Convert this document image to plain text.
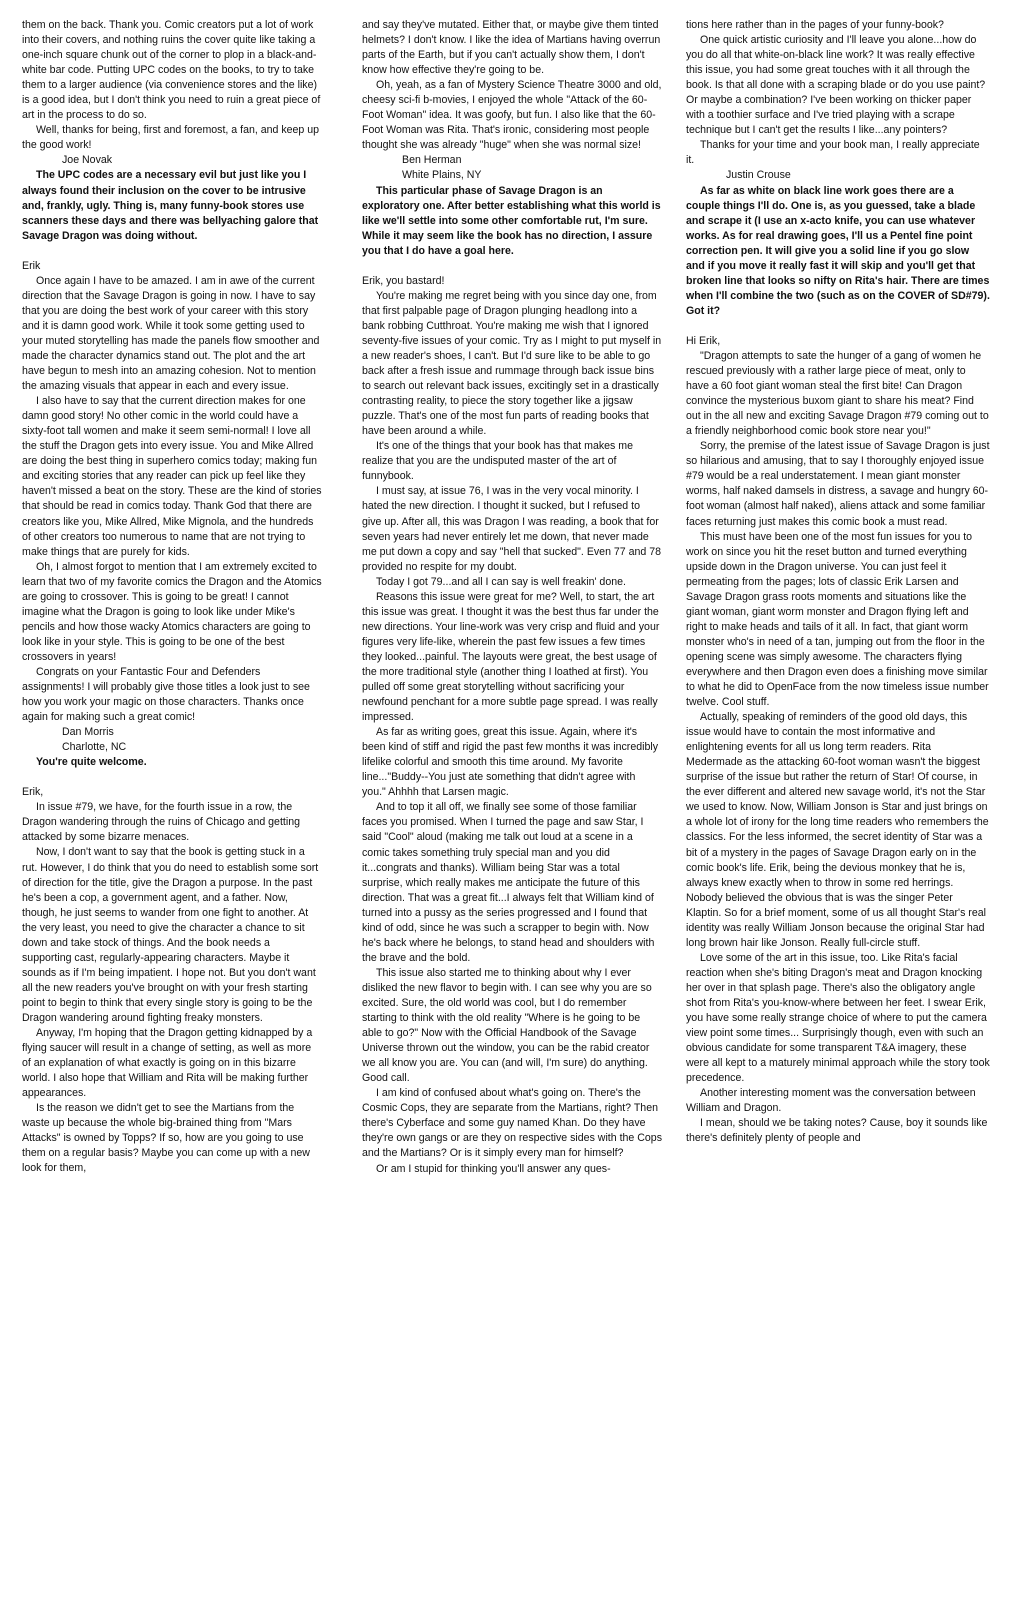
them on the back. Thank you. Comic creators put a lot of work into their covers, and nothing ruins the cover quite like taking a one-inch square chunk out of the corner to plop in a black-and-white bar code. Putting UPC codes on the books, to try to take them to a larger audience (via convenience stores and the like) is a good idea, but I don't think you need to ruin a great piece of art in the process to do so.

Well, thanks for being, first and foremost, a fan, and keep up the good work!

Joe Novak

The UPC codes are a necessary evil but just like you I always found their inclusion on the cover to be intrusive and, frankly, ugly. Thing is, many funny-book stores use scanners these days and there was bellyaching galore that Savage Dragon was doing without.

Erik

Once again I have to be amazed. I am in awe of the current direction that the Savage Dragon is going in now. I have to say that you are doing the best work of your career with this story and it is damn good work. While it took some getting used to your muted storytelling has made the panels flow smoother and made the character dynamics stand out. The plot and the art have begun to mesh into an amazing cohesion. Not to mention the amazing visuals that appear in each and every issue.

I also have to say that the current direction makes for one damn good story! No other comic in the world could have a sixty-foot tall women and make it seem semi-normal! I love all the stuff the Dragon gets into every issue. You and Mike Allred are doing the best thing in superhero comics today; making fun and exciting stories that any reader can pick up feel like they haven't missed a beat on the story. These are the kind of stories that should be read in comics today. Thank God that there are creators like you, Mike Allred, Mike Mignola, and the hundreds of other creators too numerous to name that are not trying to make things that are purely for kids.

Oh, I almost forgot to mention that I am extremely excited to learn that two of my favorite comics the Dragon and the Atomics are going to crossover. This is going to be great! I cannot imagine what the Dragon is going to look like under Mike's pencils and how those wacky Atomics characters are going to look like in your style. This is going to be one of the best crossovers in years!

Congrats on your Fantastic Four and Defenders assignments! I will probably give those titles a look just to see how you work your magic on those characters. Thanks once again for making such a great comic!

Dan Morris

Charlotte, NC

You're quite welcome.

Erik,

In issue #79, we have, for the fourth issue in a row, the Dragon wandering through the ruins of Chicago and getting attacked by some bizarre menaces.

Now, I don't want to say that the book is getting stuck in a rut. However, I do think that you do need to establish some sort of direction for the title, give the Dragon a purpose. In the past he's been a cop, a government agent, and a father. Now, though, he just seems to wander from one fight to another. At the very least, you need to give the character a chance to sit down and take stock of things. And the book needs a supporting cast, regularly-appearing characters. Maybe it sounds as if I'm being impatient. I hope not. But you don't want all the new readers you've brought on with your fresh starting point to begin to think that every single story is going to be the Dragon wandering around fighting freaky monsters.

Anyway, I'm hoping that the Dragon getting kidnapped by a flying saucer will result in a change of setting, as well as more of an explanation of what exactly is going on in this bizarre world. I also hope that William and Rita will be making further appearances.

Is the reason we didn't get to see the Martians from the waste up because the whole big-brained thing from "Mars Attacks" is owned by Topps? If so, how are you going to use them on a regular basis? Maybe you can come up with a new look for them,

and say they've mutated. Either that, or maybe give them tinted helmets? I don't know. I like the idea of Martians having overrun parts of the Earth, but if you can't actually show them, I don't know how effective they're going to be.

Oh, yeah, as a fan of Mystery Science Theatre 3000 and old, cheesy sci-fi b-movies, I enjoyed the whole "Attack of the 60-Foot Woman" idea. It was goofy, but fun. I also like that the 60-Foot Woman was Rita. That's ironic, considering most people thought she was already "huge" when she was normal size!

Ben Herman

White Plains, NY

This particular phase of Savage Dragon is an exploratory one. After better establishing what this world is like we'll settle into some other comfortable rut, I'm sure. While it may seem like the book has no direction, I assure you that I do have a goal here.

Erik, you bastard!

You're making me regret being with you since day one, from that first palpable page of Dragon plunging headlong into a bank robbing Cutthroat. You're making me wish that I ignored seventy-five issues of your comic. Try as I might to put myself in a new reader's shoes, I can't. But I'd sure like to be able to go back after a fresh issue and rummage through back issue bins to search out relevant back issues, excitingly set in a drastically contrasting reality, to piece the story together like a jigsaw puzzle. That's one of the most fun parts of reading books that have been around a while.

It's one of the things that your book has that makes me realize that you are the undisputed master of the art of funnybook.

I must say, at issue 76, I was in the very vocal minority. I hated the new direction. I thought it sucked, but I refused to give up. After all, this was Dragon I was reading, a book that for seven years had never entirely let me down, that never made me put down a copy and say "hell that sucked". Even 77 and 78 provided no respite for my doubt.

Today I got 79...and all I can say is well freakin' done.

Reasons this issue were great for me? Well, to start, the art this issue was great. I thought it was the best thus far under the new directions. Your line-work was very crisp and fluid and your figures very life-like, wherein the past few issues a few times they looked...painful. The layouts were great, the best usage of the more traditional style (another thing I loathed at first). You pulled off some great storytelling without sacrificing your newfound penchant for a more subtle page spread. I was really impressed.

As far as writing goes, great this issue. Again, where it's been kind of stiff and rigid the past few months it was incredibly lifelike colorful and smooth this time around. My favorite line..."Buddy--You just ate something that didn't agree with you." Ahhhh that Larsen magic.

And to top it all off, we finally see some of those familiar faces you promised. When I turned the page and saw Star, I said "Cool" aloud (making me talk out loud at a scene in a comic takes something truly special man and you did it...congrats and thanks). William being Star was a total surprise, which really makes me anticipate the future of this direction. That was a great fit...I always felt that William kind of turned into a pussy as the series progressed and I found that kind of odd, since he was such a scrapper to begin with. Now he's back where he belongs, to stand head and shoulders with the brave and the bold.

This issue also started me to thinking about why I ever disliked the new flavor to begin with. I can see why you are so excited. Sure, the old world was cool, but I do remember starting to think with the old reality "Where is he going to be able to go?" Now with the Official Handbook of the Savage Universe thrown out the window, you can be the rabid creator we all know you are. You can (and will, I'm sure) do anything. Good call.

I am kind of confused about what's going on. There's the Cosmic Cops, they are separate from the Martians, right? Then there's Cyberface and some guy named Khan. Do they have they're own gangs or are they on respective sides with the Cops and the Martians? Or is it simply every man for himself?

Or am I stupid for thinking you'll answer any ques-

tions here rather than in the pages of your funny-book?

One quick artistic curiosity and I'll leave you alone...how do you do all that white-on-black line work? It was really effective this issue, you had some great touches with it all through the book. Is that all done with a scraping blade or do you use paint? Or maybe a combination? I've been working on thicker paper with a toothier surface and I've tried playing with a scrape technique but I can't get the results I like...any pointers?

Thanks for your time and your book man, I really appreciate it.

Justin Crouse

As far as white on black line work goes there are a couple things I'll do. One is, as you guessed, take a blade and scrape it (I use an x-acto knife, you can use whatever works. As for real drawing goes, I'll us a Pentel fine point correction pen. It will give you a solid line if you go slow and if you move it really fast it will skip and you'll get that broken line that looks so nifty on Rita's hair. There are times when I'll combine the two (such as on the COVER of SD#79). Got it?

Hi Erik,

"Dragon attempts to sate the hunger of a gang of women he rescued previously with a rather large piece of meat, only to have a 60 foot giant woman steal the first bite! Can Dragon convince the mysterious buxom giant to share his meat? Find out in the all new and exciting Savage Dragon #79 coming out to a friendly neighborhood comic book store near you!"

Sorry, the premise of the latest issue of Savage Dragon is just so hilarious and amusing, that to say I thoroughly enjoyed issue #79 would be a real understatement. I mean giant monster worms, half naked damsels in distress, a savage and hungry 60-foot woman (almost half naked), aliens attack and some familiar faces returning just makes this comic book a must read.

This must have been one of the most fun issues for you to work on since you hit the reset button and turned everything upside down in the Dragon universe. You can just feel it permeating from the pages; lots of classic Erik Larsen and Savage Dragon grass roots moments and situations like the giant woman, giant worm monster and Dragon flying left and right to make heads and tails of it all. In fact, that giant worm monster who's in need of a tan, jumping out from the floor in the opening scene was simply awesome. The characters flying everywhere and then Dragon even does a finishing move similar to what he did to OpenFace from the now timeless issue number twelve. Cool stuff.

Actually, speaking of reminders of the good old days, this issue would have to contain the most informative and enlightening events for all us long term readers. Rita Medermade as the attacking 60-foot woman wasn't the biggest surprise of the issue but rather the return of Star! Of course, in the ever different and altered new savage world, it's not the Star we used to know. Now, William Jonson is Star and just brings on a whole lot of irony for the long time readers who remembers the classics. For the less informed, the secret identity of Star was a bit of a mystery in the pages of Savage Dragon early on in the comic book's life. Erik, being the devious monkey that he is, always knew exactly when to throw in some red herrings. Nobody believed the obvious that is was the singer Peter Klaptin. So for a brief moment, some of us all thought Star's real identity was really William Jonson because the original Star had long brown hair like Jonson. Really full-circle stuff.

Love some of the art in this issue, too. Like Rita's facial reaction when she's biting Dragon's meat and Dragon knocking her over in that splash page. There's also the obligatory angle shot from Rita's you-know-where between her feet. I swear Erik, you have some really strange choice of where to put the camera view point some times... Surprisingly though, even with such an obvious candidate for some transparent T&A imagery, these were all kept to a maturely minimal approach while the story took precedence.

Another interesting moment was the conversation between William and Dragon.

I mean, should we be taking notes? Cause, boy it sounds like there's definitely plenty of people and
